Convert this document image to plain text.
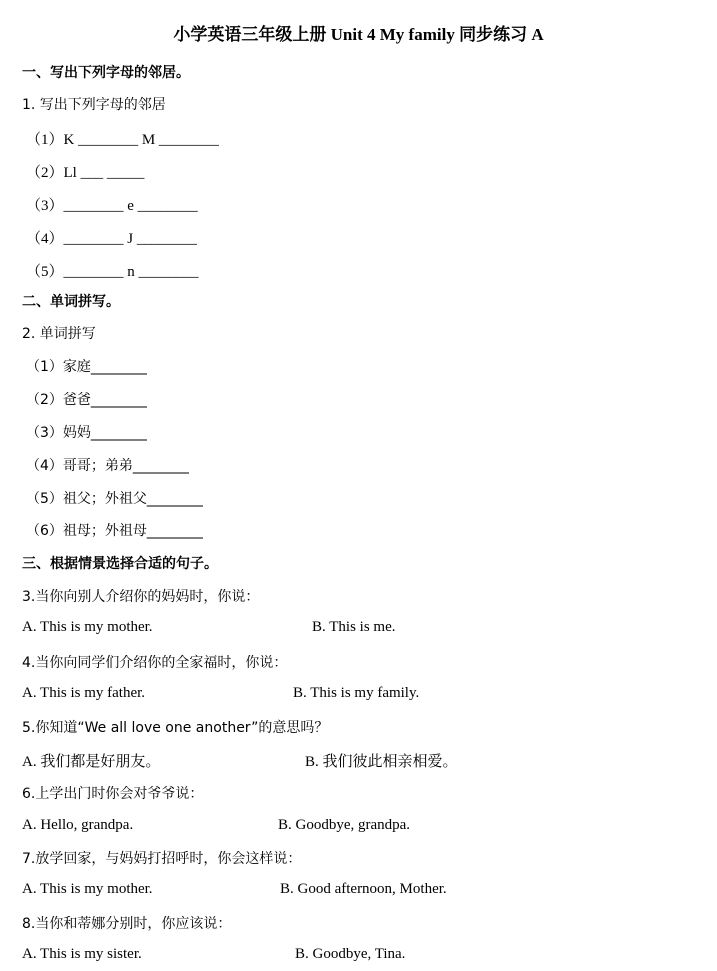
小学英语三年级上册 Unit 4 My family 同步练习 A
一、写出下列字母的邻居。
1. 写出下列字母的邻居
（1）K ________ M ________
（2）Ll ___ _____
（3）________ e ________
（4）________ J ________
（5）________ n ________
二、单词拼写。
2. 单词拼写
（1）家庭________
（2）爸爸________
（3）妈妈________
（4）哥哥；弟弟________
（5）祖父；外祖父________
（6）祖母；外祖母________
三、根据情景选择合适的句子。
3.当你向别人介绍你的妈妈时，你说：
A. This is my mother.	B. This is me.
4.当你向同学们介绍你的全家福时，你说：
A. This is my father.	B. This is my family.
5.你知道“We all love one another”的意思吗？
A. 我们都是好朋友。	B. 我们彼此相亲相爱。
6.上学出门时你会对爷爷说：
A. Hello, grandpa.	B. Goodbye, grandpa.
7.放学回家，与妈妈打招呼时，你会这样说：
A. This is my mother.	B. Good afternoon, Mother.
8.当你和蒂娜分别时，你应该说：
A. This is my sister.	B. Goodbye, Tina.
